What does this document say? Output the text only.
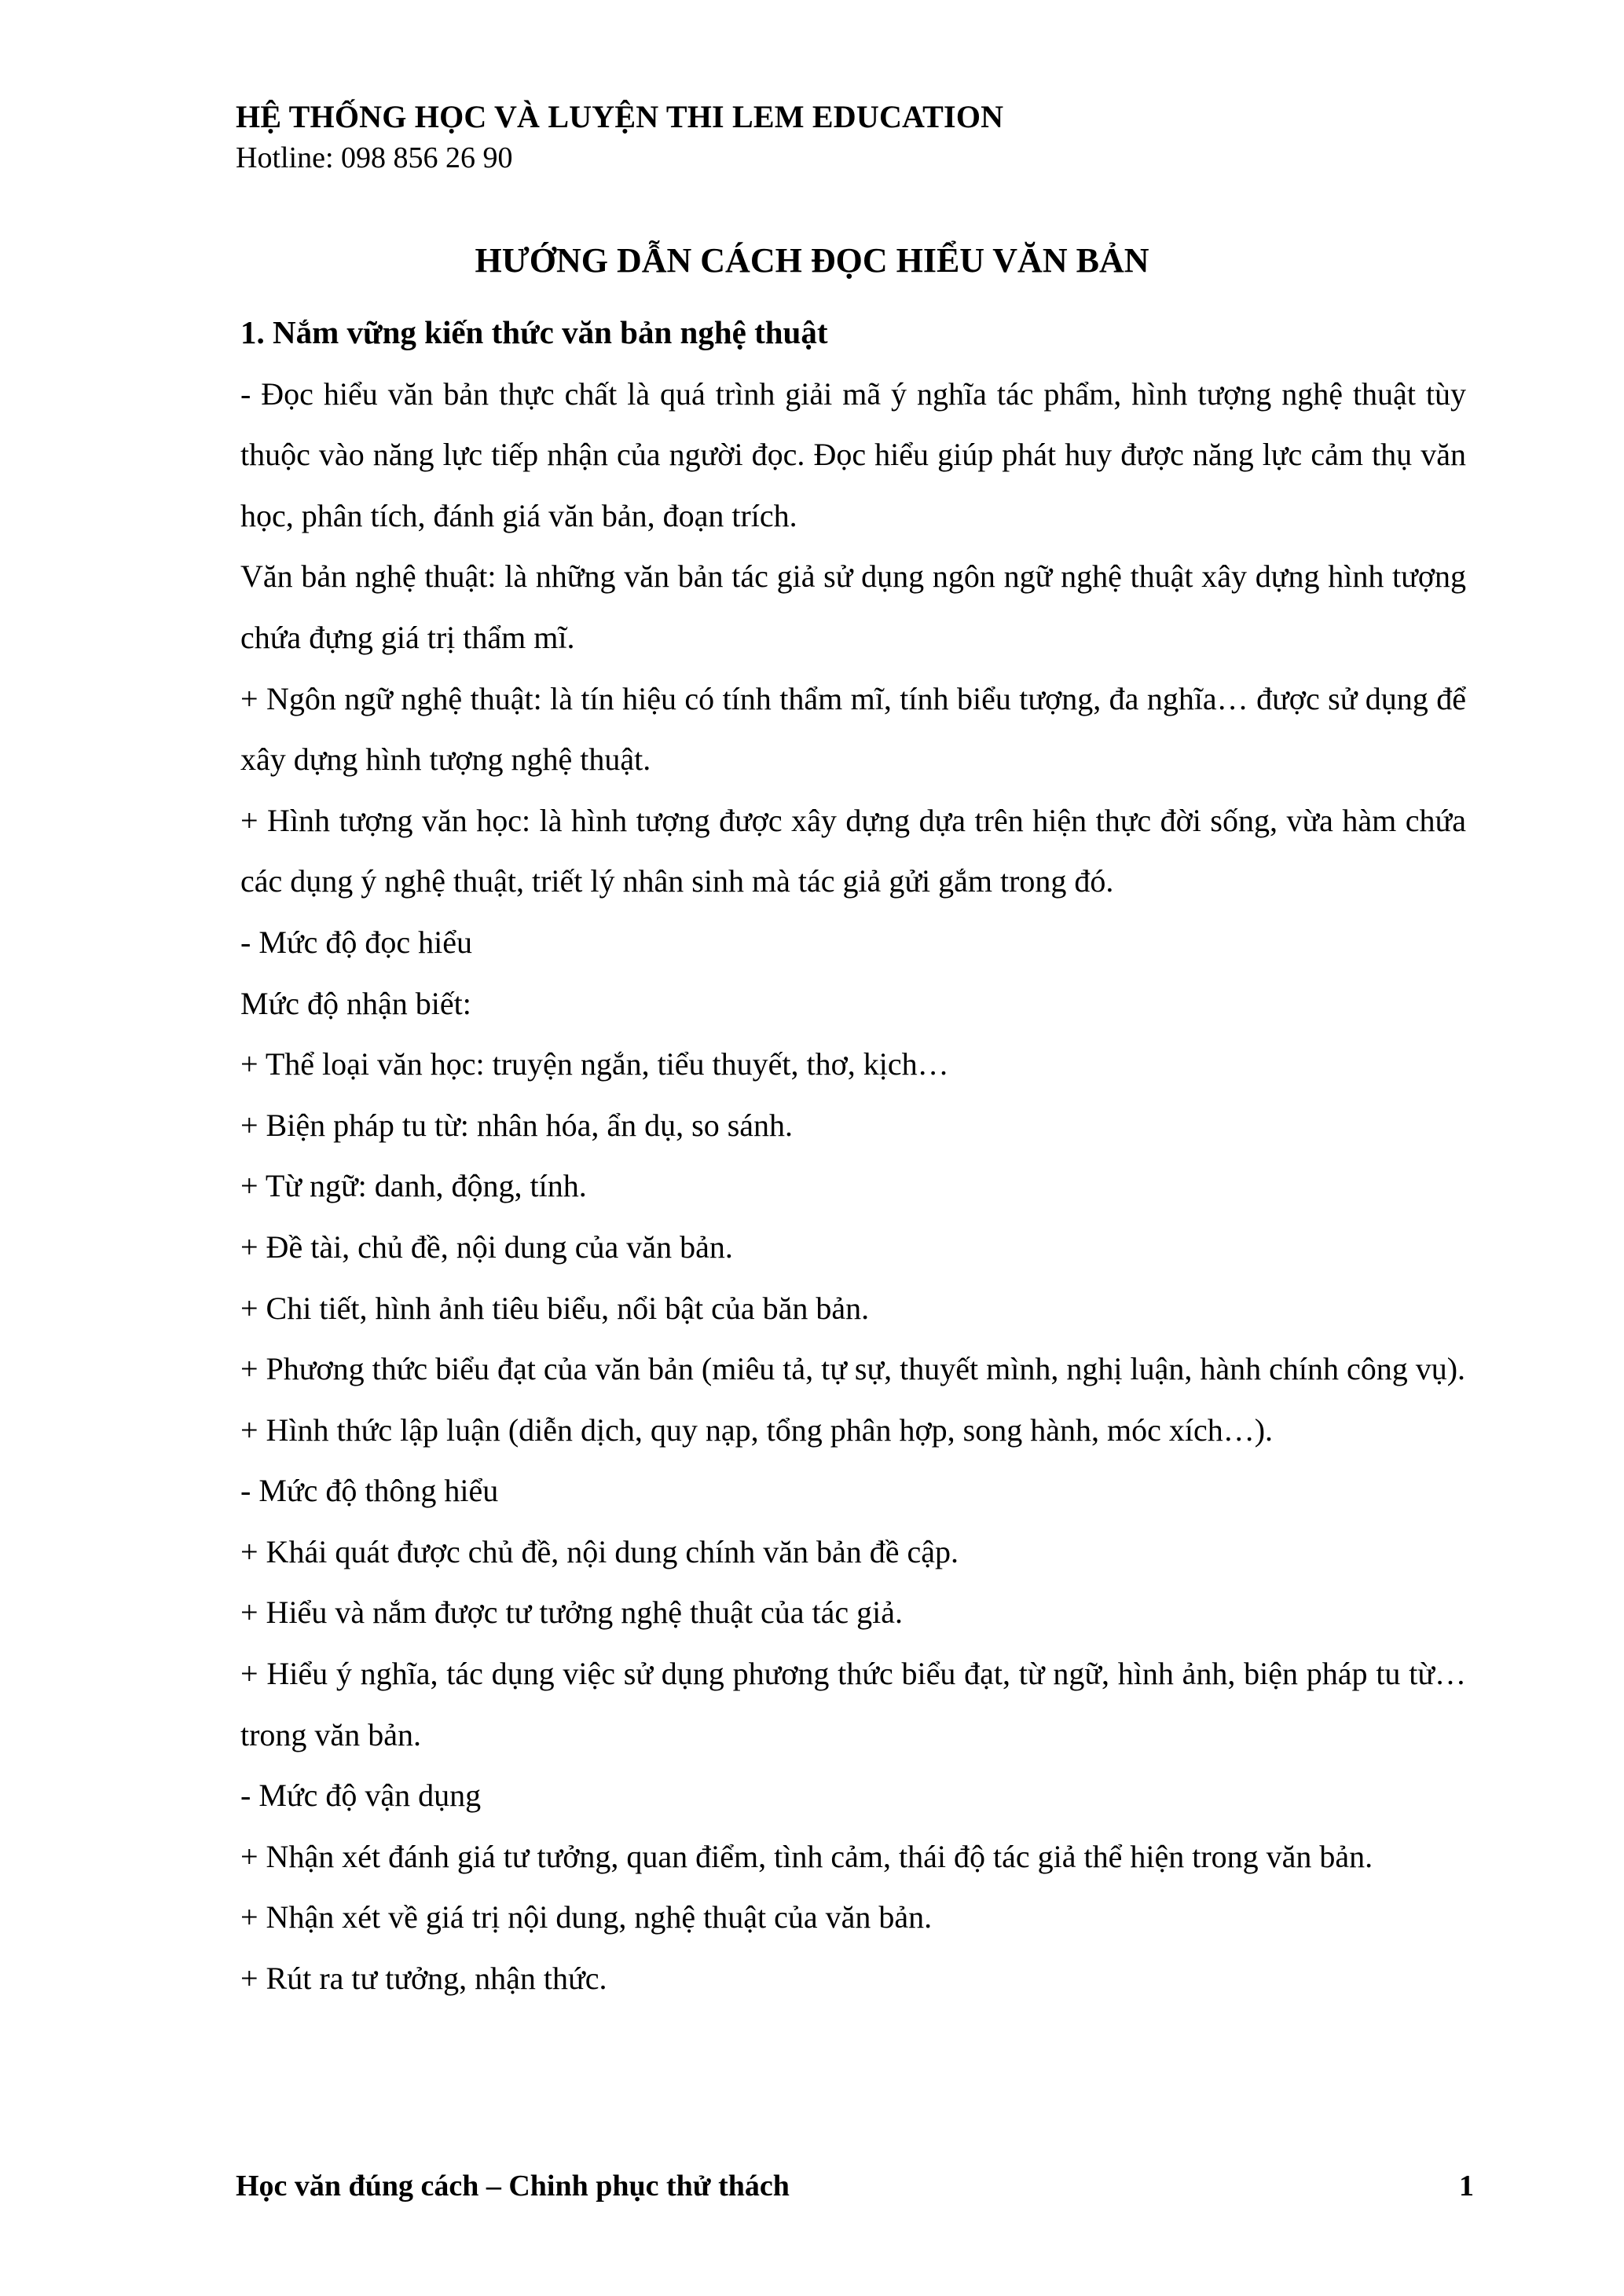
HỆ THỐNG HỌC VÀ LUYỆN THI LEM EDUCATION
Hotline: 098 856 26 90
HƯỚNG DẪN CÁCH ĐỌC HIỂU VĂN BẢN

1. Nắm vững kiến thức văn bản nghệ thuật

- Đọc hiểu văn bản thực chất là quá trình giải mã ý nghĩa tác phẩm, hình tượng nghệ thuật tùy thuộc vào năng lực tiếp nhận của người đọc. Đọc hiểu giúp phát huy được năng lực cảm thụ văn học, phân tích, đánh giá văn bản, đoạn trích.

Văn bản nghệ thuật: là những văn bản tác giả sử dụng ngôn ngữ nghệ thuật xây dựng hình tượng chứa đựng giá trị thẩm mĩ.

+ Ngôn ngữ nghệ thuật: là tín hiệu có tính thẩm mĩ, tính biểu tượng, đa nghĩa… được sử dụng để xây dựng hình tượng nghệ thuật.

+ Hình tượng văn học: là hình tượng được xây dựng dựa trên hiện thực đời sống, vừa hàm chứa các dụng ý nghệ thuật, triết lý nhân sinh mà tác giả gửi gắm trong đó.

- Mức độ đọc hiểu

Mức độ nhận biết:

+ Thể loại văn học: truyện ngắn, tiểu thuyết, thơ, kịch…

+ Biện pháp tu từ: nhân hóa, ẩn dụ, so sánh.

+ Từ ngữ: danh, động, tính.

+ Đề tài, chủ đề, nội dung của văn bản.

+ Chi tiết, hình ảnh tiêu biểu, nổi bật của băn bản.

+ Phương thức biểu đạt của văn bản (miêu tả, tự sự, thuyết mình, nghị luận, hành chính công vụ).

+ Hình thức lập luận (diễn dịch, quy nạp, tổng phân hợp, song hành, móc xích…).

- Mức độ thông hiểu

+ Khái quát được chủ đề, nội dung chính văn bản đề cập.

+ Hiểu và nắm được tư tưởng nghệ thuật của tác giả.

+ Hiểu ý nghĩa, tác dụng việc sử dụng phương thức biểu đạt, từ ngữ, hình ảnh, biện pháp tu từ… trong văn bản.

- Mức độ vận dụng

+ Nhận xét đánh giá tư tưởng, quan điểm, tình cảm, thái độ tác giả thể hiện trong văn bản.

+ Nhận xét về giá trị nội dung, nghệ thuật của văn bản.

+ Rút ra tư tưởng, nhận thức.

Học văn đúng cách – Chinh phục thử thách	1
